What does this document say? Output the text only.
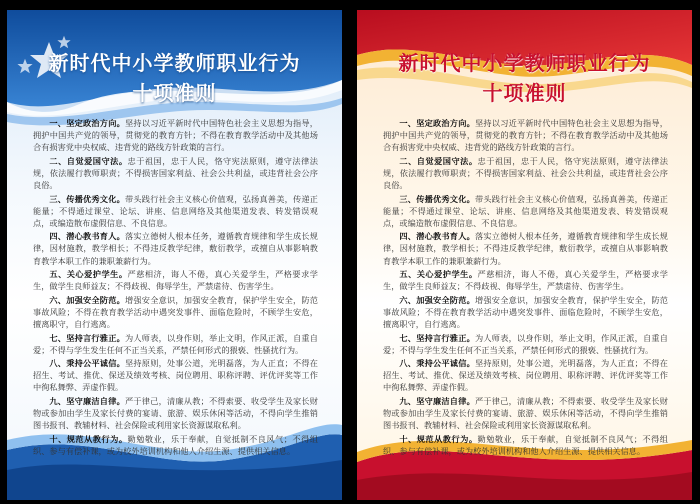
新时代中小学教师职业行为
十项准则

一、坚定政治方向。坚持以习近平新时代中国特色社会主义思想为指导，拥护中国共产党的领导，贯彻党的教育方针；不得在教育教学活动中及其他场合有损害党中央权威、违背党的路线方针政策的言行。

二、自觉爱国守法。忠于祖国，忠于人民，恪守宪法原则，遵守法律法规，依法履行教师职责；不得损害国家利益、社会公共利益，或违背社会公序良俗。

三、传播优秀文化。带头践行社会主义核心价值观，弘扬真善美，传递正能量；不得通过课堂、论坛、讲座、信息网络及其他渠道发表、转发错误观点，或编造散布虚假信息、不良信息。

四、潜心教书育人。落实立德树人根本任务，遵循教育规律和学生成长规律，因材施教，教学相长；不得违反教学纪律，敷衍教学，或擅自从事影响教育教学本职工作的兼职兼薪行为。

五、关心爱护学生。严慈相济，诲人不倦，真心关爱学生，严格要求学生，做学生良师益友；不得歧视、侮辱学生，严禁虐待、伤害学生。

六、加强安全防范。增强安全意识，加强安全教育，保护学生安全，防范事故风险；不得在教育教学活动中遇突发事件、面临危险时，不顾学生安危，擅离职守，自行逃离。

七、坚持言行雅正。为人师表，以身作则，举止文明，作风正派，自重自爱；不得与学生发生任何不正当关系，严禁任何形式的猥亵、性骚扰行为。

八、秉持公平诚信。坚持原则，处事公道，光明磊落，为人正直；不得在招生、考试、推优、保送及绩效考核、岗位聘用、职称评聘、评优评奖等工作中徇私舞弊、弄虚作假。

九、坚守廉洁自律。严于律己，清廉从教；不得索要、收受学生及家长财物或参加由学生及家长付费的宴请、旅游、娱乐休闲等活动，不得向学生推销图书报刊、教辅材料、社会保险或利用家长资源谋取私利。

十、规范从教行为。勤勉敬业，乐于奉献，自觉抵制不良风气；不得组织、参与有偿补课，或为校外培训机构和他人介绍生源、提供相关信息。

新时代中小学教师职业行为
十项准则

一、坚定政治方向。坚持以习近平新时代中国特色社会主义思想为指导，拥护中国共产党的领导，贯彻党的教育方针；不得在教育教学活动中及其他场合有损害党中央权威、违背党的路线方针政策的言行。

二、自觉爱国守法。忠于祖国，忠于人民，恪守宪法原则，遵守法律法规，依法履行教师职责；不得损害国家利益、社会公共利益，或违背社会公序良俗。

三、传播优秀文化。带头践行社会主义核心价值观，弘扬真善美，传递正能量；不得通过课堂、论坛、讲座、信息网络及其他渠道发表、转发错误观点，或编造散布虚假信息、不良信息。

四、潜心教书育人。落实立德树人根本任务，遵循教育规律和学生成长规律，因材施教，教学相长；不得违反教学纪律，敷衍教学，或擅自从事影响教育教学本职工作的兼职兼薪行为。

五、关心爱护学生。严慈相济，诲人不倦，真心关爱学生，严格要求学生，做学生良师益友；不得歧视、侮辱学生，严禁虐待、伤害学生。

六、加强安全防范。增强安全意识，加强安全教育，保护学生安全，防范事故风险；不得在教育教学活动中遇突发事件、面临危险时，不顾学生安危，擅离职守，自行逃离。

七、坚持言行雅正。为人师表，以身作则，举止文明，作风正派，自重自爱；不得与学生发生任何不正当关系，严禁任何形式的猥亵、性骚扰行为。

八、秉持公平诚信。坚持原则，处事公道，光明磊落，为人正直；不得在招生、考试、推优、保送及绩效考核、岗位聘用、职称评聘、评优评奖等工作中徇私舞弊、弄虚作假。

九、坚守廉洁自律。严于律己，清廉从教；不得索要、收受学生及家长财物或参加由学生及家长付费的宴请、旅游、娱乐休闲等活动，不得向学生推销图书报刊、教辅材料、社会保险或利用家长资源谋取私利。

十、规范从教行为。勤勉敬业，乐于奉献，自觉抵制不良风气；不得组织、参与有偿补课，或为校外培训机构和他人介绍生源、提供相关信息。
